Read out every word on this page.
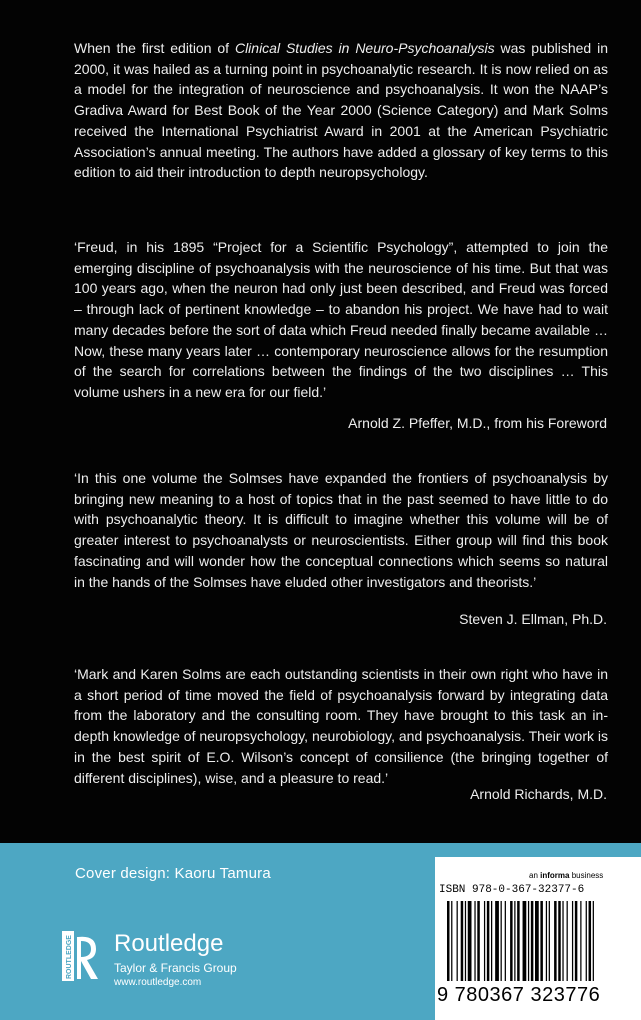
When the first edition of Clinical Studies in Neuro-Psychoanalysis was published in 2000, it was hailed as a turning point in psychoanalytic research. It is now relied on as a model for the integration of neuroscience and psychoanalysis. It won the NAAP’s Gradiva Award for Best Book of the Year 2000 (Science Category) and Mark Solms received the International Psychiatrist Award in 2001 at the American Psychiatric Association’s annual meeting. The authors have added a glossary of key terms to this edition to aid their introduction to depth neuropsychology.
‘Freud, in his 1895 “Project for a Scientific Psychology”, attempted to join the emerging discipline of psychoanalysis with the neuroscience of his time. But that was 100 years ago, when the neuron had only just been described, and Freud was forced – through lack of pertinent knowledge – to abandon his project. We have had to wait many decades before the sort of data which Freud needed finally became available … Now, these many years later … contemporary neuroscience allows for the resumption of the search for correlations between the findings of the two disciplines … This volume ushers in a new era for our field.’
Arnold Z. Pfeffer, M.D., from his Foreword
‘In this one volume the Solmses have expanded the frontiers of psychoanalysis by bringing new meaning to a host of topics that in the past seemed to have little to do with psychoanalytic theory. It is difficult to imagine whether this volume will be of greater interest to psychoanalysts or neuroscientists. Either group will find this book fascinating and will wonder how the conceptual connections which seems so natural in the hands of the Solmses have eluded other investigators and theorists.’
Steven J. Ellman, Ph.D.
‘Mark and Karen Solms are each outstanding scientists in their own right who have in a short period of time moved the field of psychoanalysis forward by integrating data from the laboratory and the consulting room. They have brought to this task an in-depth knowledge of neuropsychology, neurobiology, and psychoanalysis. Their work is in the best spirit of E.O. Wilson’s concept of consilience (the bringing together of different disciplines), wise, and a pleasure to read.’
Arnold Richards, M.D.
Cover design: Kaoru Tamura
ROUTLEDGE Routledge
Taylor & Francis Group
www.routledge.com
an informa business
ISBN 978-0-367-32377-6
9 780367 323776
